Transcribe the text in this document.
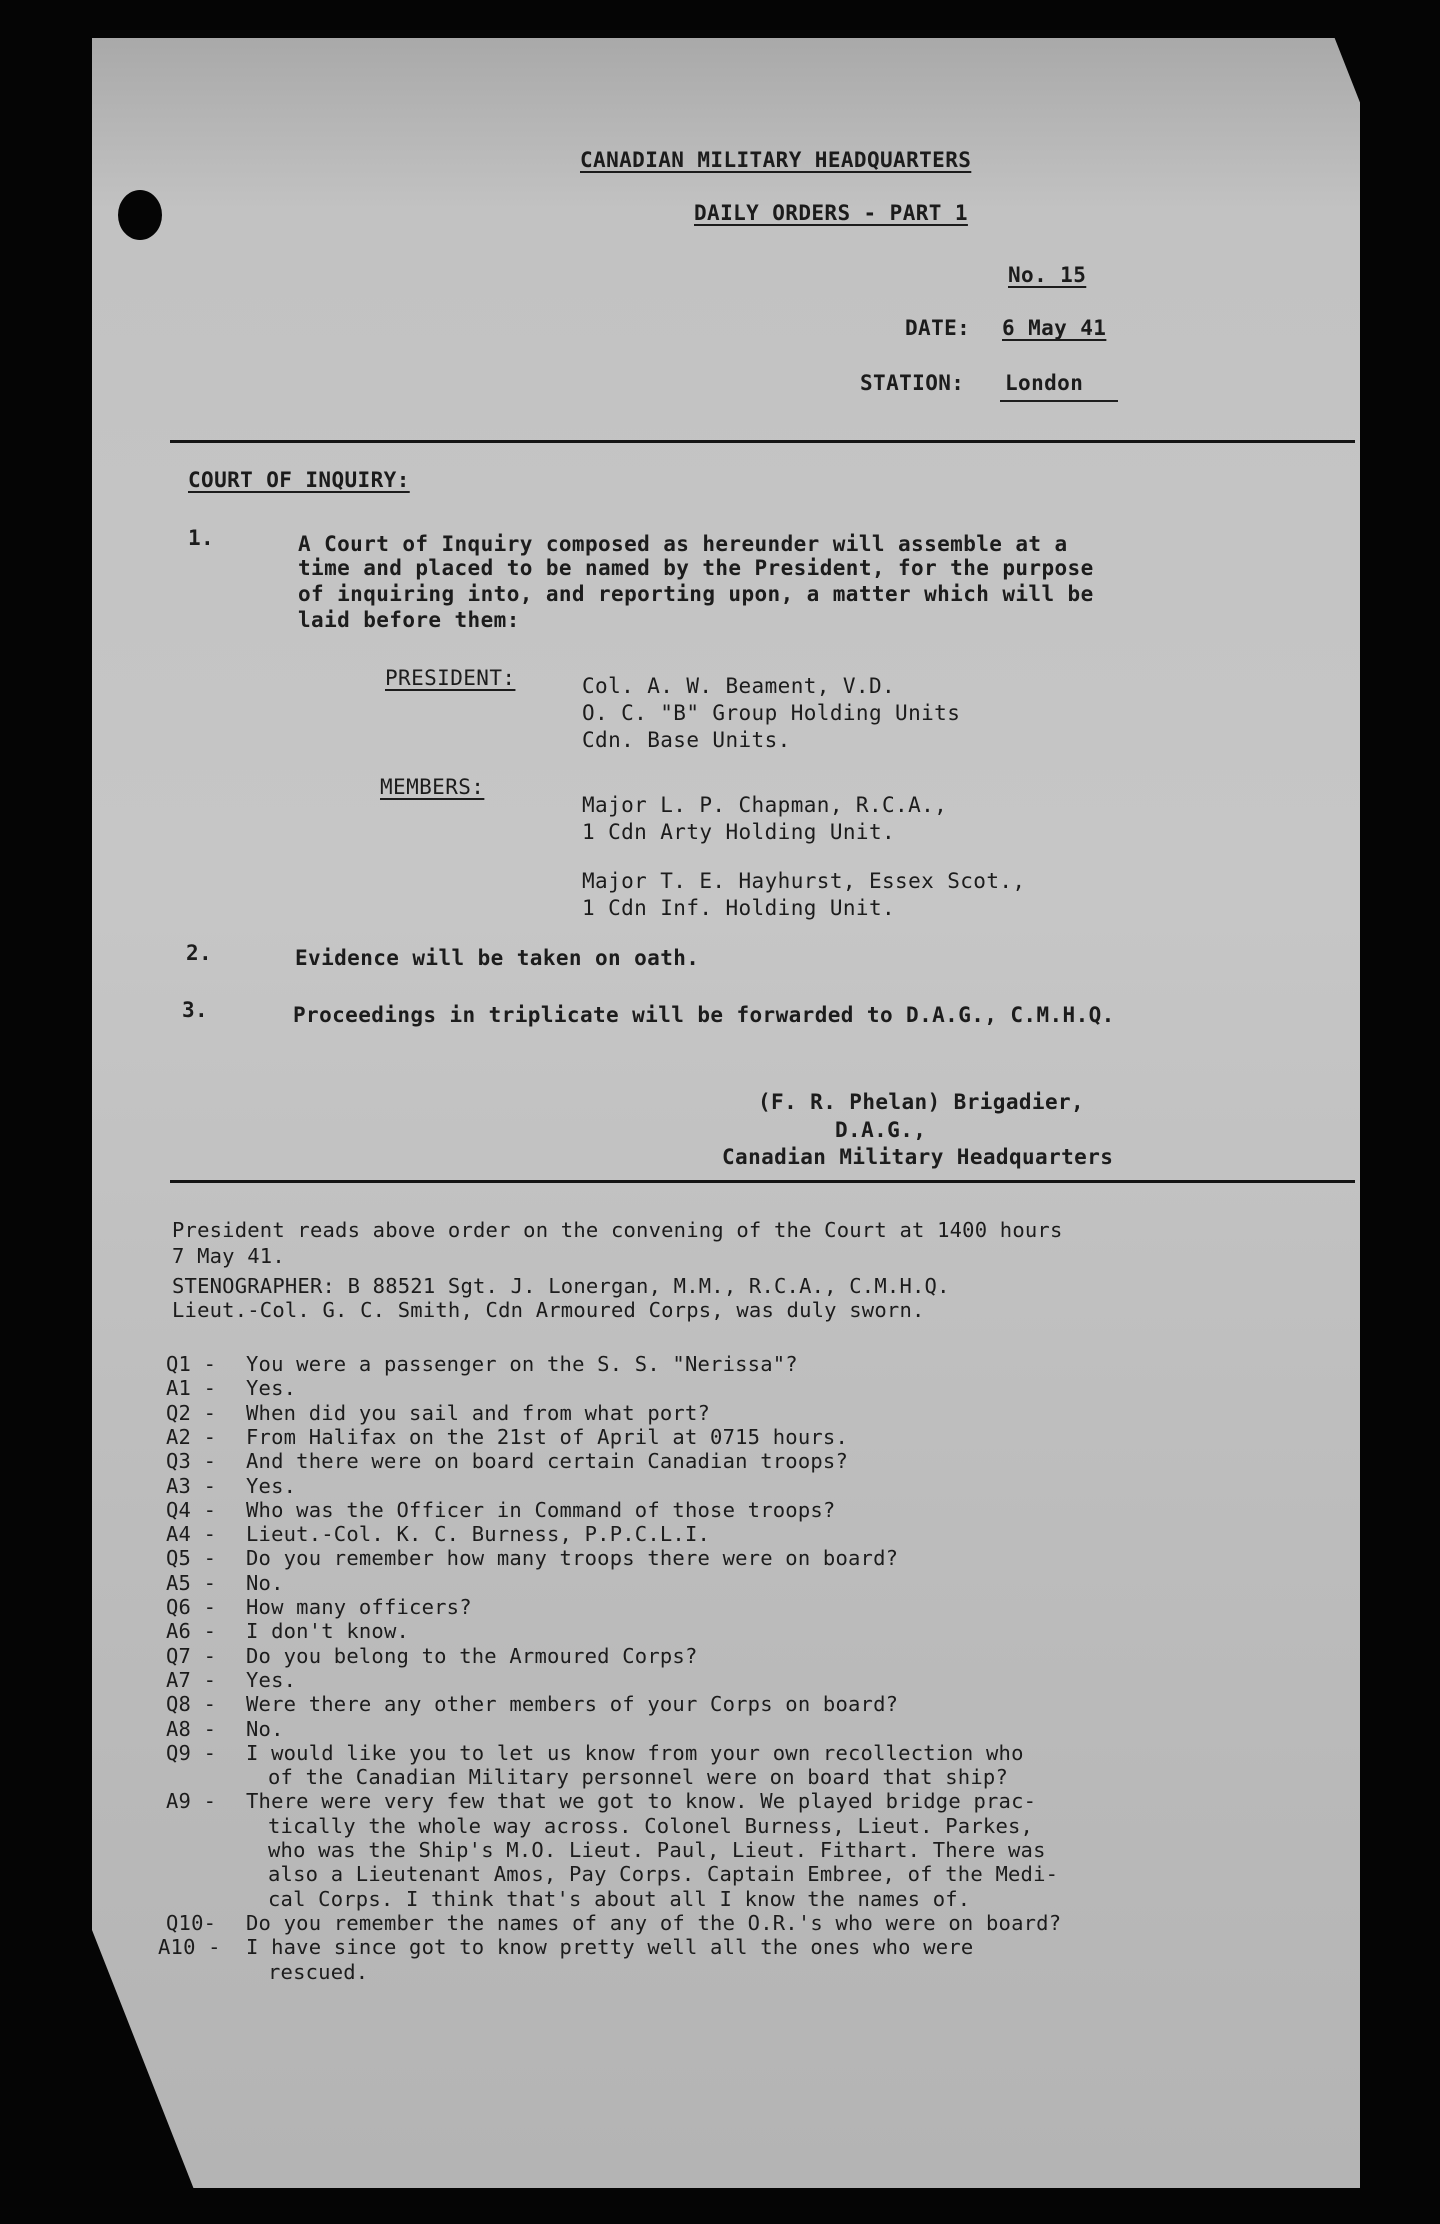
CANADIAN MILITARY HEADQUARTERS
DAILY ORDERS - PART 1
No. 15
DATE: 6 May 41
STATION: London
COURT OF INQUIRY:
1.	A Court of Inquiry composed as hereunder will assemble at a
time and placed to be named by the President, for the purpose
of inquiring into, and reporting upon, a matter which will be
laid before them:
PRESIDENT:	Col. A. W. Beament, V.D.
O. C. "B" Group Holding Units
Cdn. Base Units.
MEMBERS:
Major L. P. Chapman, R.C.A.,
1 Cdn Arty Holding Unit.
Major T. E. Hayhurst, Essex Scot.,
1 Cdn Inf. Holding Unit.
2.	Evidence will be taken on oath.
3.	Proceedings in triplicate will be forwarded to D.A.G., C.M.H.Q.
(F. R. Phelan) Brigadier,
D.A.G.,
Canadian Military Headquarters
President reads above order on the convening of the Court at 1400 hours
7 May 41.
STENOGRAPHER: B 88521 Sgt. J. Lonergan, M.M., R.C.A., C.M.H.Q.
Lieut.-Col. G. C. Smith, Cdn Armoured Corps, was duly sworn.
Q1 - You were a passenger on the S. S. "Nerissa"?
A1 - Yes.
Q2 - When did you sail and from what port?
A2 - From Halifax on the 21st of April at 0715 hours.
Q3 - And there were on board certain Canadian troops?
A3 - Yes.
Q4 - Who was the Officer in Command of those troops?
A4 - Lieut.-Col. K. C. Burness, P.P.C.L.I.
Q5 - Do you remember how many troops there were on board?
A5 - No.
Q6 - How many officers?
A6 - I don't know.
Q7 - Do you belong to the Armoured Corps?
A7 - Yes.
Q8 - Were there any other members of your Corps on board?
A8 - No.
Q9 - I would like you to let us know from your own recollection who
of the Canadian Military personnel were on board that ship?
A9 - There were very few that we got to know. We played bridge prac-
tically the whole way across. Colonel Burness, Lieut. Parkes,
who was the Ship's M.O. Lieut. Paul, Lieut. Fithart. There was
also a Lieutenant Amos, Pay Corps. Captain Embree, of the Medi-
cal Corps. I think that's about all I know the names of.
Q10- Do you remember the names of any of the O.R.'s who were on board?
A10 - I have since got to know pretty well all the ones who were
rescued.
